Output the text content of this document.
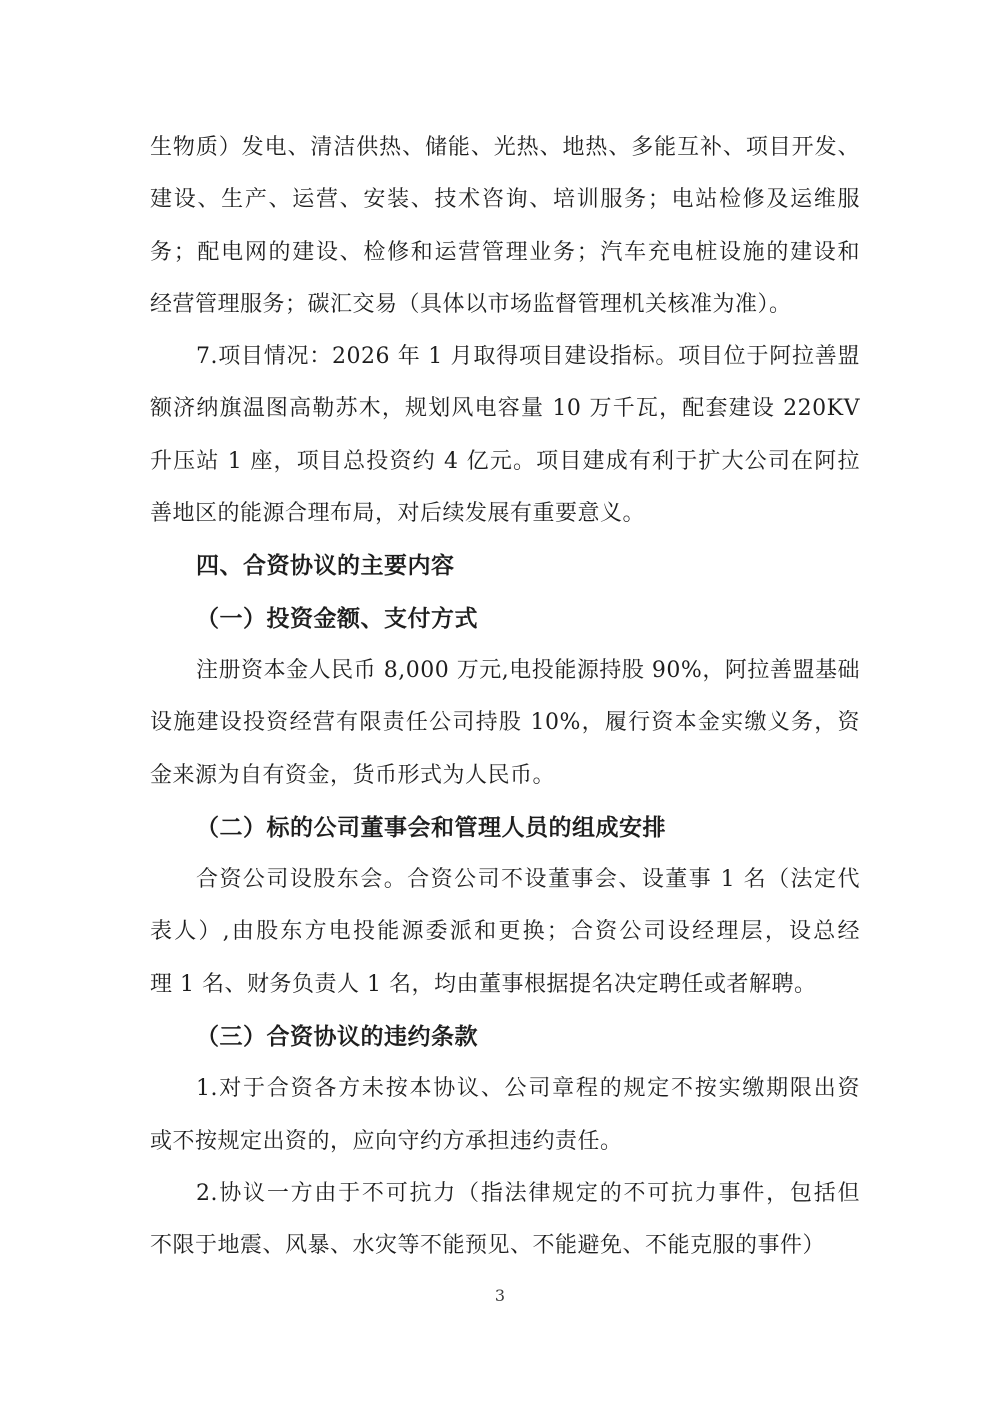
生物质）发电、清洁供热、储能、光热、地热、多能互补、项目开发、

建设、生产、运营、安装、技术咨询、培训服务；电站检修及运维服

务；配电网的建设、检修和运营管理业务；汽车充电桩设施的建设和

经营管理服务；碳汇交易（具体以市场监督管理机关核准为准）。

7.项目情况：2026 年 1 月取得项目建设指标。项目位于阿拉善盟

额济纳旗温图高勒苏木，规划风电容量 10 万千瓦，配套建设 220KV

升压站 1 座，项目总投资约 4 亿元。项目建成有利于扩大公司在阿拉

善地区的能源合理布局，对后续发展有重要意义。

四、合资协议的主要内容

（一）投资金额、支付方式

注册资本金人民币 8,000 万元,电投能源持股 90%，阿拉善盟基础

设施建设投资经营有限责任公司持股 10%，履行资本金实缴义务，资

金来源为自有资金，货币形式为人民币。

（二）标的公司董事会和管理人员的组成安排

合资公司设股东会。合资公司不设董事会、设董事 1 名（法定代

表人）,由股东方电投能源委派和更换；合资公司设经理层，设总经

理 1 名、财务负责人 1 名，均由董事根据提名决定聘任或者解聘。

（三）合资协议的违约条款

1.对于合资各方未按本协议、公司章程的规定不按实缴期限出资

或不按规定出资的，应向守约方承担违约责任。

2.协议一方由于不可抗力（指法律规定的不可抗力事件，包括但

不限于地震、风暴、水灾等不能预见、不能避免、不能克服的事件）

3
